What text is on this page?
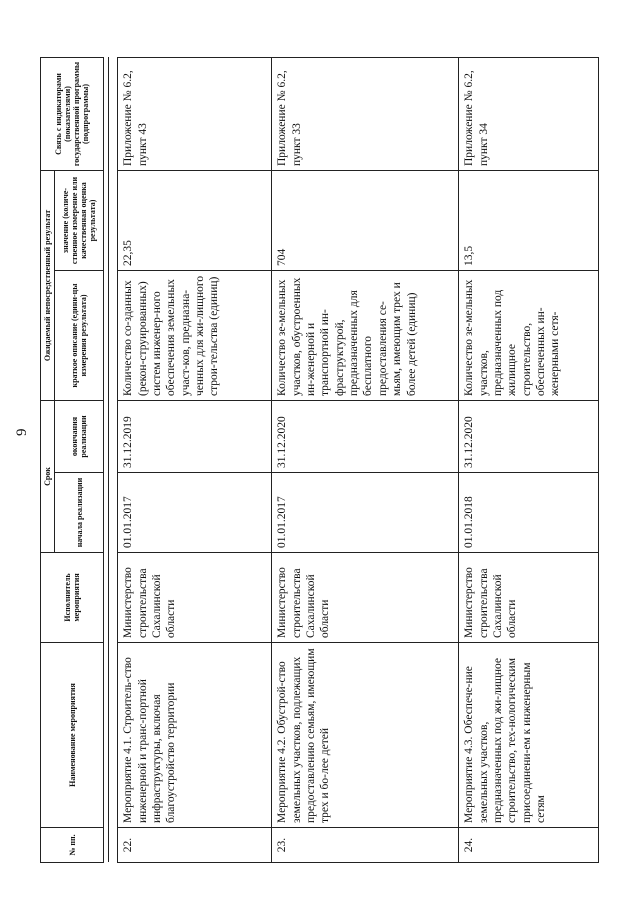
9
№ пп.	Наименование мероприятия	Исполнитель мероприятия	Срок		Ожидаемый непосредственный результат		Связь с индикаторами (показателями) государственной программы (подпрограммы)
			начала реализации	окончания реализации	краткое описание (едини-цы измерения результата)	значение (количе-ственное измерение или качественная оценка результата)	

22.	Мероприятие 4.1. Строитель-ство инженерной и транс-портной инфраструктуры, включая благоустройство территории	Министерство строительства Сахалинской области	01.01.2017	31.12.2019	Количество со-зданных (рекон-струированных) систем инженер-ного обеспечения земельных участ-ков, предназна-ченных для жи-лищного строи-тельства (единиц)	22,35	Приложение № 6.2, пункт 43
23.	Мероприятие 4.2. Обустрой-ство земельных участков, подлежащих предоставлению семьям, имеющим трех и бо-лее детей	Министерство строительства Сахалинской области	01.01.2017	31.12.2020	Количество зе-мельных участков, обустроенных ин-женерной и транспортной ин-фраструктурой, предназначенных для бесплатного предоставления се-мьям, имеющим трех и более детей (единиц)	704	Приложение № 6.2, пункт 33
24.	Мероприятие 4.3. Обеспече-ние земельных участков, предназначенных под жи-лищное строительство, тех-нологическим присоединени-ем к инженерным сетям	Министерство строительства Сахалинской области	01.01.2018	31.12.2020	Количество зе-мельных участков, предназначенных под жилищное строительство, обеспеченных ин-женерными сетя-	13,5	Приложение № 6.2, пункт 34
